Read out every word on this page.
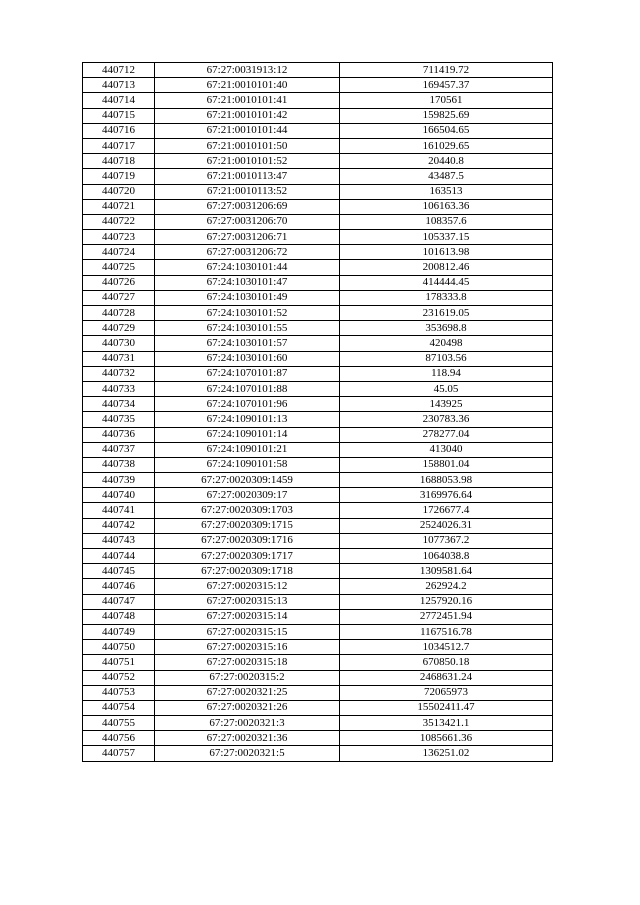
440712	67:27:0031913:12	711419.72
440713	67:21:0010101:40	169457.37
440714	67:21:0010101:41	170561
440715	67:21:0010101:42	159825.69
440716	67:21:0010101:44	166504.65
440717	67:21:0010101:50	161029.65
440718	67:21:0010101:52	20440.8
440719	67:21:0010113:47	43487.5
440720	67:21:0010113:52	163513
440721	67:27:0031206:69	106163.36
440722	67:27:0031206:70	108357.6
440723	67:27:0031206:71	105337.15
440724	67:27:0031206:72	101613.98
440725	67:24:1030101:44	200812.46
440726	67:24:1030101:47	414444.45
440727	67:24:1030101:49	178333.8
440728	67:24:1030101:52	231619.05
440729	67:24:1030101:55	353698.8
440730	67:24:1030101:57	420498
440731	67:24:1030101:60	87103.56
440732	67:24:1070101:87	118.94
440733	67:24:1070101:88	45.05
440734	67:24:1070101:96	143925
440735	67:24:1090101:13	230783.36
440736	67:24:1090101:14	278277.04
440737	67:24:1090101:21	413040
440738	67:24:1090101:58	158801.04
440739	67:27:0020309:1459	1688053.98
440740	67:27:0020309:17	3169976.64
440741	67:27:0020309:1703	1726677.4
440742	67:27:0020309:1715	2524026.31
440743	67:27:0020309:1716	1077367.2
440744	67:27:0020309:1717	1064038.8
440745	67:27:0020309:1718	1309581.64
440746	67:27:0020315:12	262924.2
440747	67:27:0020315:13	1257920.16
440748	67:27:0020315:14	2772451.94
440749	67:27:0020315:15	1167516.78
440750	67:27:0020315:16	1034512.7
440751	67:27:0020315:18	670850.18
440752	67:27:0020315:2	2468631.24
440753	67:27:0020321:25	72065973
440754	67:27:0020321:26	15502411.47
440755	67:27:0020321:3	3513421.1
440756	67:27:0020321:36	1085661.36
440757	67:27:0020321:5	136251.02
